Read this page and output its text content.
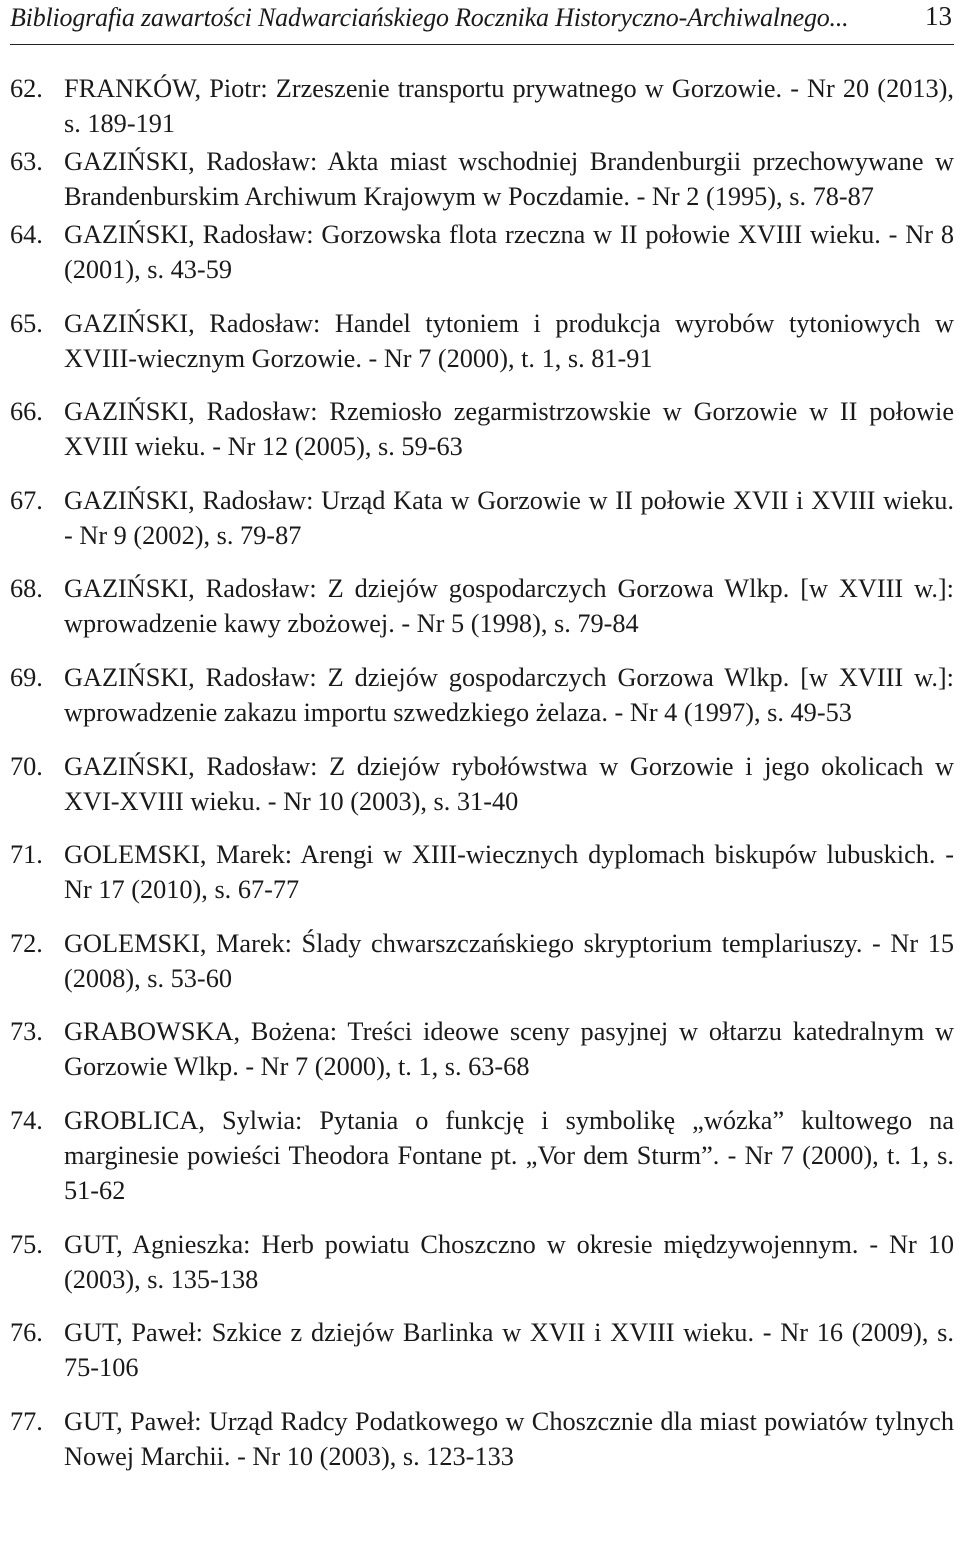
Bibliografia zawartości Nadwarciańskiego Rocznika Historyczno-Archiwalnego...	13
62. FRANKÓW, Piotr: Zrzeszenie transportu prywatnego w Gorzowie. - Nr 20 (2013), s. 189-191
63. GAZIŃSKI, Radosław: Akta miast wschodniej Brandenburgii przechowywane w Brandenburskim Archiwum Krajowym w Poczdamie. - Nr 2 (1995), s. 78-87
64. GAZIŃSKI, Radosław: Gorzowska flota rzeczna w II połowie XVIII wieku. - Nr 8 (2001), s. 43-59
65. GAZIŃSKI, Radosław: Handel tytoniem i produkcja wyrobów tytoniowych w XVIII-wiecznym Gorzowie. - Nr 7 (2000), t. 1, s. 81-91
66. GAZIŃSKI, Radosław: Rzemiosło zegarmistrzowskie w Gorzowie w II połowie XVIII wieku. - Nr 12 (2005), s. 59-63
67. GAZIŃSKI, Radosław: Urząd Kata w Gorzowie w II połowie XVII i XVIII wieku. - Nr 9 (2002), s. 79-87
68. GAZIŃSKI, Radosław: Z dziejów gospodarczych Gorzowa Wlkp. [w XVIII w.]: wprowadzenie kawy zbożowej. - Nr 5 (1998), s. 79-84
69. GAZIŃSKI, Radosław: Z dziejów gospodarczych Gorzowa Wlkp. [w XVIII w.]: wprowadzenie zakazu importu szwedzkiego żelaza. - Nr 4 (1997), s. 49-53
70. GAZIŃSKI, Radosław: Z dziejów rybołówstwa w Gorzowie i jego okolicach w XVI-XVIII wieku. - Nr 10 (2003), s. 31-40
71. GOLEMSKI, Marek: Arengi w XIII-wiecznych dyplomach biskupów lubuskich. - Nr 17 (2010), s. 67-77
72. GOLEMSKI, Marek: Ślady chwarszczańskiego skryptorium templariuszy. - Nr 15 (2008), s. 53-60
73. GRABOWSKA, Bożena: Treści ideowe sceny pasyjnej w ołtarzu katedralnym w Gorzowie Wlkp. - Nr 7 (2000), t. 1, s. 63-68
74. GROBLICA, Sylwia: Pytania o funkcję i symbolikę „wózka” kultowego na marginesie powieści Theodora Fontane pt. „Vor dem Sturm”. - Nr 7 (2000), t. 1, s. 51-62
75. GUT, Agnieszka: Herb powiatu Choszczno w okresie międzywojennym. - Nr 10 (2003), s. 135-138
76. GUT, Paweł: Szkice z dziejów Barlinka w XVII i XVIII wieku. - Nr 16 (2009), s. 75-106
77. GUT, Paweł: Urząd Radcy Podatkowego w Choszcznie dla miast powiatów tylnych Nowej Marchii. - Nr 10 (2003), s. 123-133
